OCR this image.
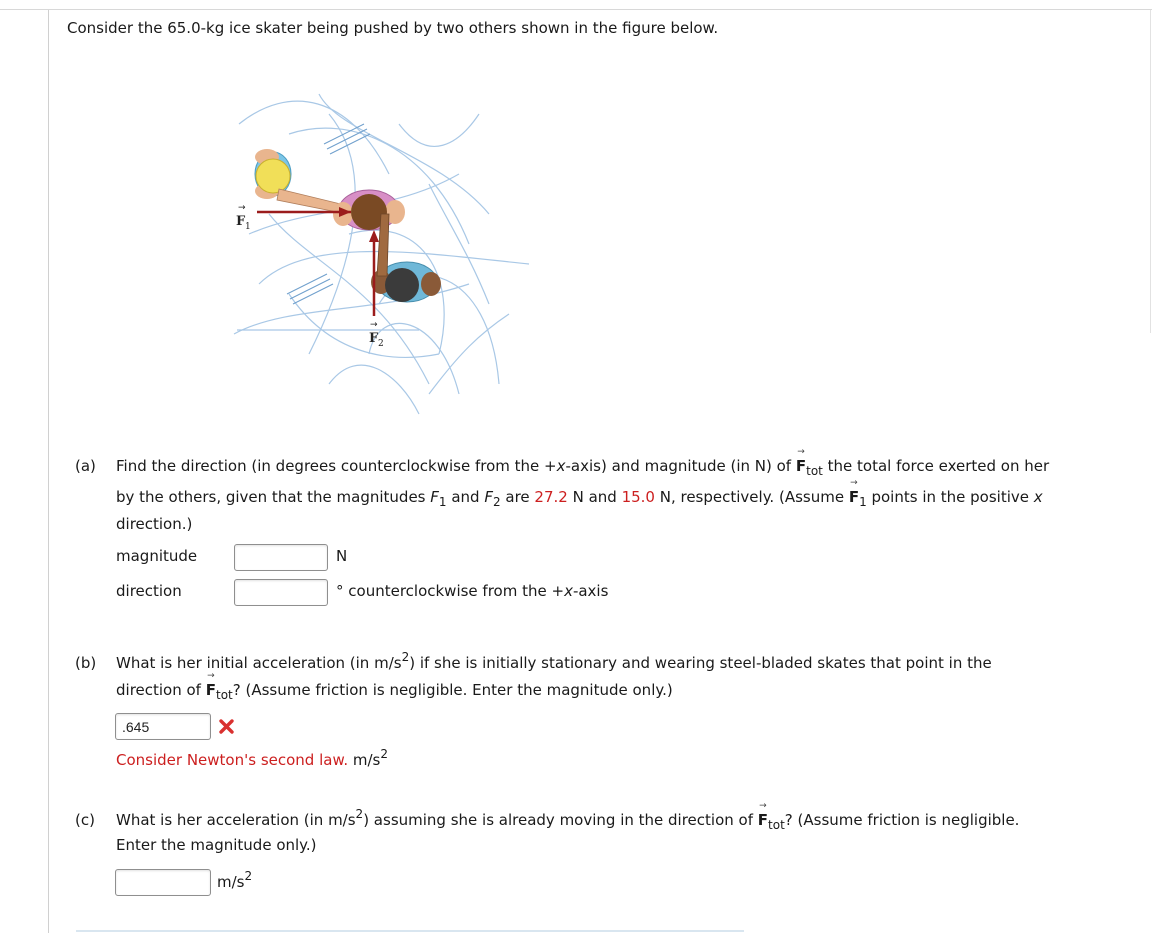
Consider the 65.0-kg ice skater being pushed by two others shown in the figure below.
F 1
→
F 2
→
(a)	Find the direction (in degrees counterclockwise from the +x-axis) and magnitude (in N) of → $F_{tot}$ the total force exerted on her
by the others, given that the magnitudes $F_1$ and $F_2$ are 27.2 N and 15.0 N, respectively. (Assume → $F_1$ points in the positive x
direction.)
magnitude	N
direction	° counterclockwise from the +x-axis
(b)	What is her initial acceleration (in $m/s^2$) if she is initially stationary and wearing steel-bladed skates that point in the
direction of → $F_{tot}$? (Assume friction is negligible. Enter the magnitude only.)
.645
Consider Newton's second law. $m/s^2$
(c)	What is her acceleration (in $m/s^2$) assuming she is already moving in the direction of → $F_{tot}$? (Assume friction is negligible.
Enter the magnitude only.)
$m/s^2$
